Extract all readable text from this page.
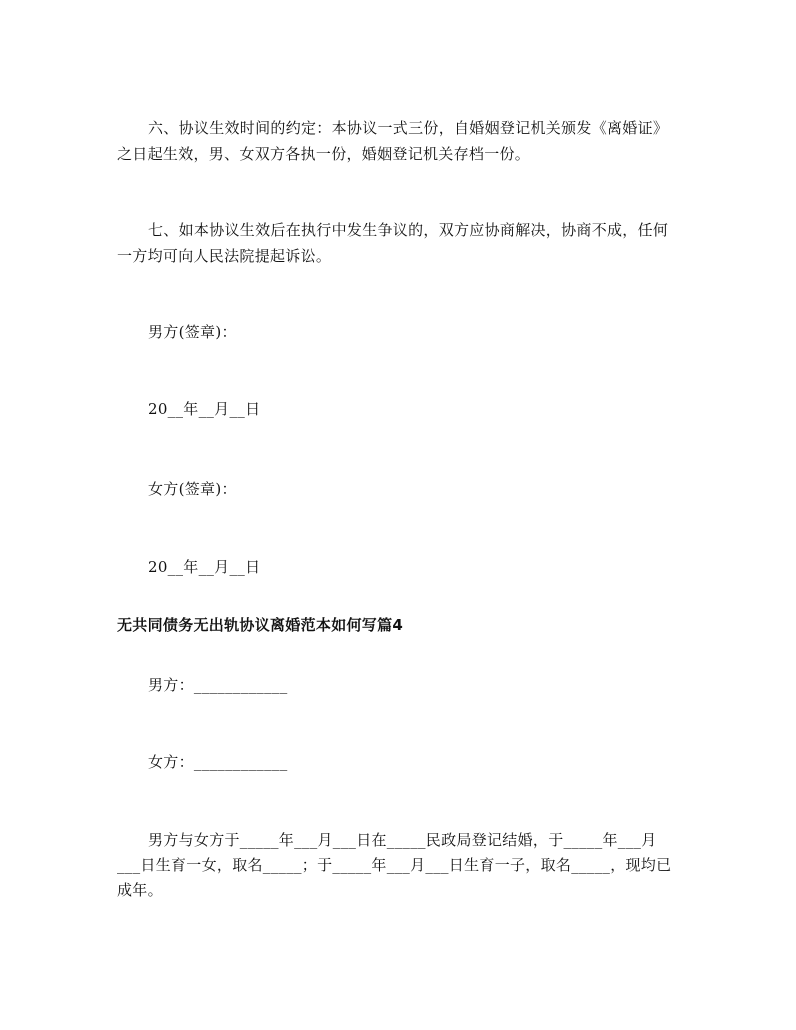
六、协议生效时间的约定：本协议一式三份，自婚姻登记机关颁发《离婚证》
之日起生效，男、女双方各执一份，婚姻登记机关存档一份。
七、如本协议生效后在执行中发生争议的，双方应协商解决，协商不成，任何
一方均可向人民法院提起诉讼。
男方(签章)：
20__年__月__日
女方(签章)：
20__年__月__日
无共同债务无出轨协议离婚范本如何写篇4
男方：____________
女方：____________
男方与女方于_____年___月___日在_____民政局登记结婚，于_____年___月
___日生育一女，取名_____；于_____年___月___日生育一子，取名_____，现均已
成年。
